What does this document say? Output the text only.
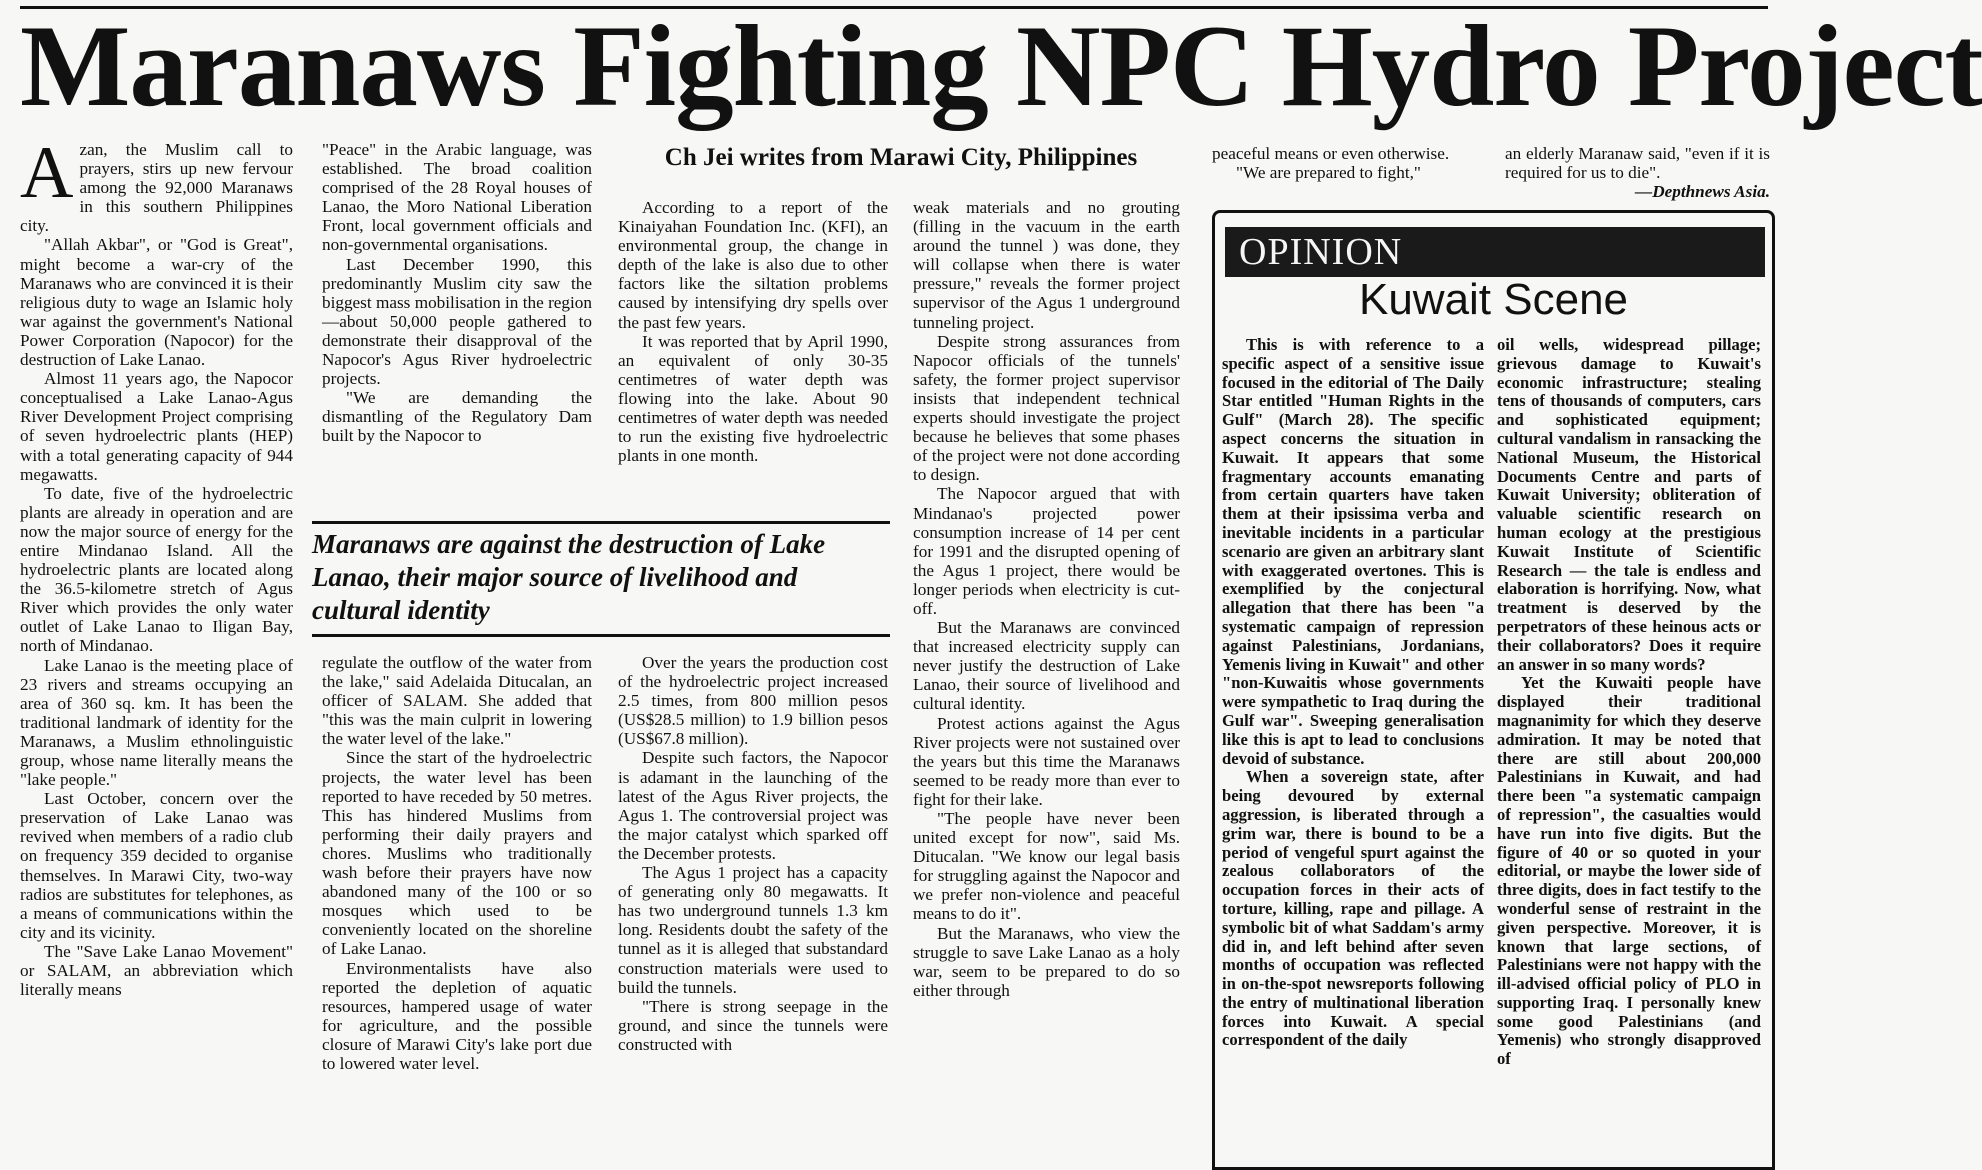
Maranaws Fighting NPC Hydro Project

Azan, the Muslim call to prayers, stirs up new fervour among the 92,000 Maranaws in this southern Philippines city.

"Allah Akbar", or "God is Great", might become a war-cry of the Maranaws who are convinced it is their religious duty to wage an Islamic holy war against the government's National Power Corporation (Napocor) for the destruction of Lake Lanao.

Almost 11 years ago, the Napocor conceptualised a Lake Lanao-Agus River Development Project comprising of seven hydroelectric plants (HEP) with a total generating capacity of 944 megawatts.

To date, five of the hydroelectric plants are already in operation and are now the major source of energy for the entire Mindanao Island. All the hydroelectric plants are located along the 36.5-kilometre stretch of Agus River which provides the only water outlet of Lake Lanao to Iligan Bay, north of Mindanao.

Lake Lanao is the meeting place of 23 rivers and streams occupying an area of 360 sq. km. It has been the traditional landmark of identity for the Maranaws, a Muslim ethnolinguistic group, whose name literally means the "lake people."

Last October, concern over the preservation of Lake Lanao was revived when members of a radio club on frequency 359 decided to organise themselves. In Marawi City, two-way radios are substitutes for telephones, as a means of communications within the city and its vicinity.

The "Save Lake Lanao Movement" or SALAM, an abbreviation which literally means

"Peace" in the Arabic language, was established. The broad coalition comprised of the 28 Royal houses of Lanao, the Moro National Liberation Front, local government officials and non-governmental organisations.

Last December 1990, this predominantly Muslim city saw the biggest mass mobilisation in the region—about 50,000 people gathered to demonstrate their disapproval of the Napocor's Agus River hydroelectric projects.

"We are demanding the dismantling of the Regulatory Dam built by the Napocor to

Ch Jei writes from Marawi City, Philippines

According to a report of the Kinaiyahan Foundation Inc. (KFI), an environmental group, the change in depth of the lake is also due to other factors like the siltation problems caused by intensifying dry spells over the past few years.

It was reported that by April 1990, an equivalent of only 30-35 centimetres of water depth was flowing into the lake. About 90 centimetres of water depth was needed to run the existing five hydroelectric plants in one month.

Maranaws are against the destruction of Lake Lanao, their major source of livelihood and cultural identity

regulate the outflow of the water from the lake," said Adelaida Ditucalan, an officer of SALAM. She added that "this was the main culprit in lowering the water level of the lake."

Since the start of the hydroelectric projects, the water level has been reported to have receded by 50 metres. This has hindered Muslims from performing their daily prayers and chores. Muslims who traditionally wash before their prayers have now abandoned many of the 100 or so mosques which used to be conveniently located on the shoreline of Lake Lanao.

Environmentalists have also reported the depletion of aquatic resources, hampered usage of water for agriculture, and the possible closure of Marawi City's lake port due to lowered water level.

Over the years the production cost of the hydroelectric project increased 2.5 times, from 800 million pesos (US$28.5 million) to 1.9 billion pesos (US$67.8 million).

Despite such factors, the Napocor is adamant in the launching of the latest of the Agus River projects, the Agus 1. The controversial project was the major catalyst which sparked off the December protests.

The Agus 1 project has a capacity of generating only 80 megawatts. It has two underground tunnels 1.3 km long. Residents doubt the safety of the tunnel as it is alleged that substandard construction materials were used to build the tunnels.

"There is strong seepage in the ground, and since the tunnels were constructed with

weak materials and no grouting (filling in the vacuum in the earth around the tunnel ) was done, they will collapse when there is water pressure," reveals the former project supervisor of the Agus 1 underground tunneling project.

Despite strong assurances from Napocor officials of the tunnels' safety, the former project supervisor insists that independent technical experts should investigate the project because he believes that some phases of the project were not done according to design.

The Napocor argued that with Mindanao's projected power consumption increase of 14 per cent for 1991 and the disrupted opening of the Agus 1 project, there would be longer periods when electricity is cut-off.

But the Maranaws are convinced that increased electricity supply can never justify the destruction of Lake Lanao, their source of livelihood and cultural identity.

Protest actions against the Agus River projects were not sustained over the years but this time the Maranaws seemed to be ready more than ever to fight for their lake.

"The people have never been united except for now", said Ms. Ditucalan. "We know our legal basis for struggling against the Napocor and we prefer non-violence and peaceful means to do it".

But the Maranaws, who view the struggle to save Lake Lanao as a holy war, seem to be prepared to do so either through

peaceful means or even otherwise.

"We are prepared to fight,"

an elderly Maranaw said, "even if it is required for us to die".

—Depthnews Asia.

OPINION
Kuwait Scene

This is with reference to a specific aspect of a sensitive issue focused in the editorial of The Daily Star entitled "Human Rights in the Gulf" (March 28). The specific aspect concerns the situation in Kuwait. It appears that some fragmentary accounts emanating from certain quarters have taken them at their ipsissima verba and inevitable incidents in a particular scenario are given an arbitrary slant with exaggerated overtones. This is exemplified by the conjectural allegation that there has been "a systematic campaign of repression against Palestinians, Jordanians, Yemenis living in Kuwait" and other "non-Kuwaitis whose governments were sympathetic to Iraq during the Gulf war". Sweeping generalisation like this is apt to lead to conclusions devoid of substance.

When a sovereign state, after being devoured by external aggression, is liberated through a grim war, there is bound to be a period of vengeful spurt against the zealous collaborators of the occupation forces in their acts of torture, killing, rape and pillage. A symbolic bit of what Saddam's army did in, and left behind after seven months of occupation was reflected in on-the-spot newsreports following the entry of multinational liberation forces into Kuwait. A special correspondent of the daily

oil wells, widespread pillage; grievous damage to Kuwait's economic infrastructure; stealing tens of thousands of computers, cars and sophisticated equipment; cultural vandalism in ransacking the National Museum, the Historical Documents Centre and parts of Kuwait University; obliteration of valuable scientific research on human ecology at the prestigious Kuwait Institute of Scientific Research — the tale is endless and elaboration is horrifying. Now, what treatment is deserved by the perpetrators of these heinous acts or their collaborators? Does it require an answer in so many words?

Yet the Kuwaiti people have displayed their traditional magnanimity for which they deserve admiration. It may be noted that there are still about 200,000 Palestinians in Kuwait, and had there been "a systematic campaign of repression", the casualties would have run into five digits. But the figure of 40 or so quoted in your editorial, or maybe the lower side of three digits, does in fact testify to the wonderful sense of restraint in the given perspective. Moreover, it is known that large sections, of Palestinians were not happy with the ill-advised official policy of PLO in supporting Iraq. I personally knew some good Palestinians (and Yemenis) who strongly disapproved of
